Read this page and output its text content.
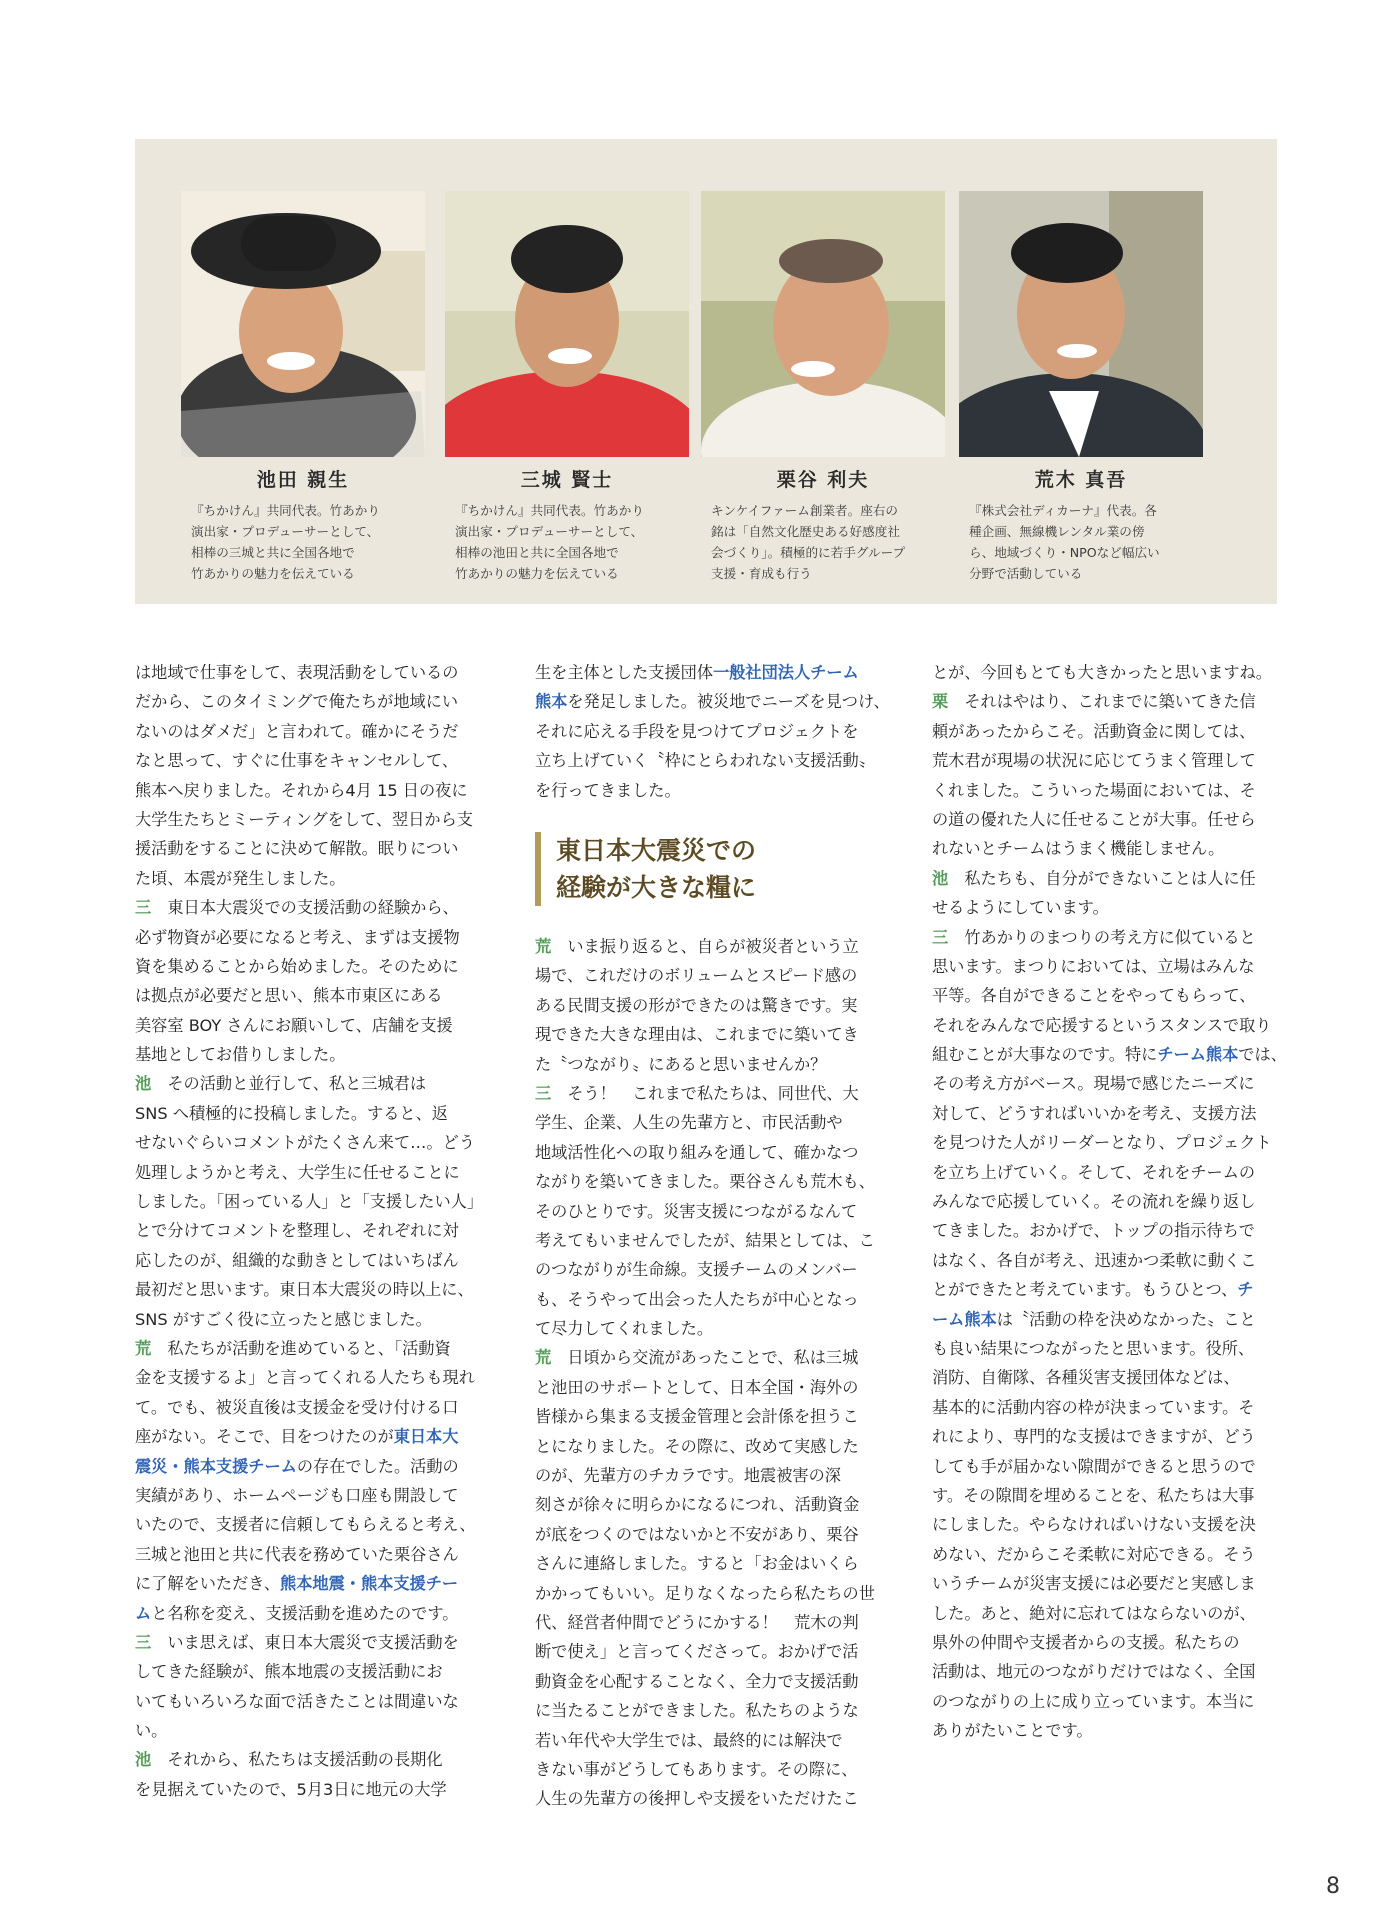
池田 親生
『ちかけん』共同代表。竹あかり
演出家・プロデューサーとして、
相棒の三城と共に全国各地で
竹あかりの魅力を伝えている
三城 賢士
『ちかけん』共同代表。竹あかり
演出家・プロデューサーとして、
相棒の池田と共に全国各地で
竹あかりの魅力を伝えている
栗谷 利夫
キンケイファーム創業者。座右の
銘は「自然文化歴史ある好感度社
会づくり」。積極的に若手グループ
支援・育成も行う
荒木 真吾
『株式会社ディカーナ』代表。各
種企画、無線機レンタル業の傍
ら、地域づくり・NPOなど幅広い
分野で活動している
は地域で仕事をして、表現活動をしているの
だから、このタイミングで俺たちが地域にい
ないのはダメだ」と言われて。確かにそうだ
なと思って、すぐに仕事をキャンセルして、
熊本へ戻りました。それから4月 15 日の夜に
大学生たちとミーティングをして、翌日から支
援活動をすることに決めて解散。眠りについ
た頃、本震が発生しました。
三　東日本大震災での支援活動の経験から、
必ず物資が必要になると考え、まずは支援物
資を集めることから始めました。そのために
は拠点が必要だと思い、熊本市東区にある
美容室 BOY さんにお願いして、店舗を支援
基地としてお借りしました。
池　その活動と並行して、私と三城君は
SNS へ積極的に投稿しました。すると、返
せないぐらいコメントがたくさん来て…。どう
処理しようかと考え、大学生に任せることに
しました。「困っている人」と「支援したい人」
とで分けてコメントを整理し、それぞれに対
応したのが、組織的な動きとしてはいちばん
最初だと思います。東日本大震災の時以上に、
SNS がすごく役に立ったと感じました。
荒　私たちが活動を進めていると、「活動資
金を支援するよ」と言ってくれる人たちも現れ
て。でも、被災直後は支援金を受け付ける口
座がない。そこで、目をつけたのが東日本大
震災・熊本支援チームの存在でした。活動の
実績があり、ホームページも口座も開設して
いたので、支援者に信頼してもらえると考え、
三城と池田と共に代表を務めていた栗谷さん
に了解をいただき、熊本地震・熊本支援チー
ムと名称を変え、支援活動を進めたのです。
三　いま思えば、東日本大震災で支援活動を
してきた経験が、熊本地震の支援活動にお
いてもいろいろな面で活きたことは間違いな
い。
池　それから、私たちは支援活動の長期化
を見据えていたので、5月3日に地元の大学
生を主体とした支援団体一般社団法人チーム
熊本を発足しました。被災地でニーズを見つけ、
それに応える手段を見つけてプロジェクトを
立ち上げていく〝枠にとらわれない支援活動〟
を行ってきました。
東日本大震災での
経験が大きな糧に
荒　 いま振り返ると、自らが被災者という立
場で、これだけのボリュームとスピード感の
ある民間支援の形ができたのは驚きです。実
現できた大きな理由は、これまでに築いてき
た〝つながり〟にあると思いませんか？
三　 そう！　これまで私たちは、同世代、大
学生、企業、人生の先輩方と、市民活動や
地域活性化への取り組みを通して、確かなつ
ながりを築いてきました。栗谷さんも荒木も、
そのひとりです。災害支援につながるなんて
考えてもいませんでしたが、結果としては、こ
のつながりが生命線。支援チームのメンバー
も、そうやって出会った人たちが中心となっ
て尽力してくれました。
荒　 日頃から交流があったことで、私は三城
と池田のサポートとして、日本全国・海外の
皆様から集まる支援金管理と会計係を担うこ
とになりました。その際に、改めて実感した
のが、先輩方のチカラです。地震被害の深
刻さが徐々に明らかになるにつれ、活動資金
が底をつくのではないかと不安があり、栗谷
さんに連絡しました。すると「お金はいくら
かかってもいい。足りなくなったら私たちの世
代、経営者仲間でどうにかする！　荒木の判
断で使え」と言ってくださって。おかげで活
動資金を心配することなく、全力で支援活動
に当たることができました。私たちのような
若い年代や大学生では、最終的には解決で
きない事がどうしてもあります。その際に、
人生の先輩方の後押しや支援をいただけたこ
とが、今回もとても大きかったと思いますね。
栗　それはやはり、これまでに築いてきた信
頼があったからこそ。活動資金に関しては、
荒木君が現場の状況に応じてうまく管理して
くれました。こういった場面においては、そ
の道の優れた人に任せることが大事。任せら
れないとチームはうまく機能しません。
池　私たちも、自分ができないことは人に任
せるようにしています。
三　竹あかりのまつりの考え方に似ていると
思います。まつりにおいては、立場はみんな
平等。各自ができることをやってもらって、
それをみんなで応援するというスタンスで取り
組むことが大事なのです。特にチーム熊本では、
その考え方がベース。現場で感じたニーズに
対して、どうすればいいかを考え、支援方法
を見つけた人がリーダーとなり、プロジェクト
を立ち上げていく。そして、それをチームの
みんなで応援していく。その流れを繰り返し
てきました。おかげで、トップの指示待ちで
はなく、各自が考え、迅速かつ柔軟に動くこ
とができたと考えています。もうひとつ、チ
ーム熊本は〝活動の枠を決めなかった〟こと
も良い結果につながったと思います。役所、
消防、自衛隊、各種災害支援団体などは、
基本的に活動内容の枠が決まっています。そ
れにより、専門的な支援はできますが、どう
しても手が届かない隙間ができると思うので
す。その隙間を埋めることを、私たちは大事
にしました。やらなければいけない支援を決
めない、だからこそ柔軟に対応できる。そう
いうチームが災害支援には必要だと実感しま
した。あと、絶対に忘れてはならないのが、
県外の仲間や支援者からの支援。私たちの
活動は、地元のつながりだけではなく、全国
のつながりの上に成り立っています。本当に
ありがたいことです。
8
